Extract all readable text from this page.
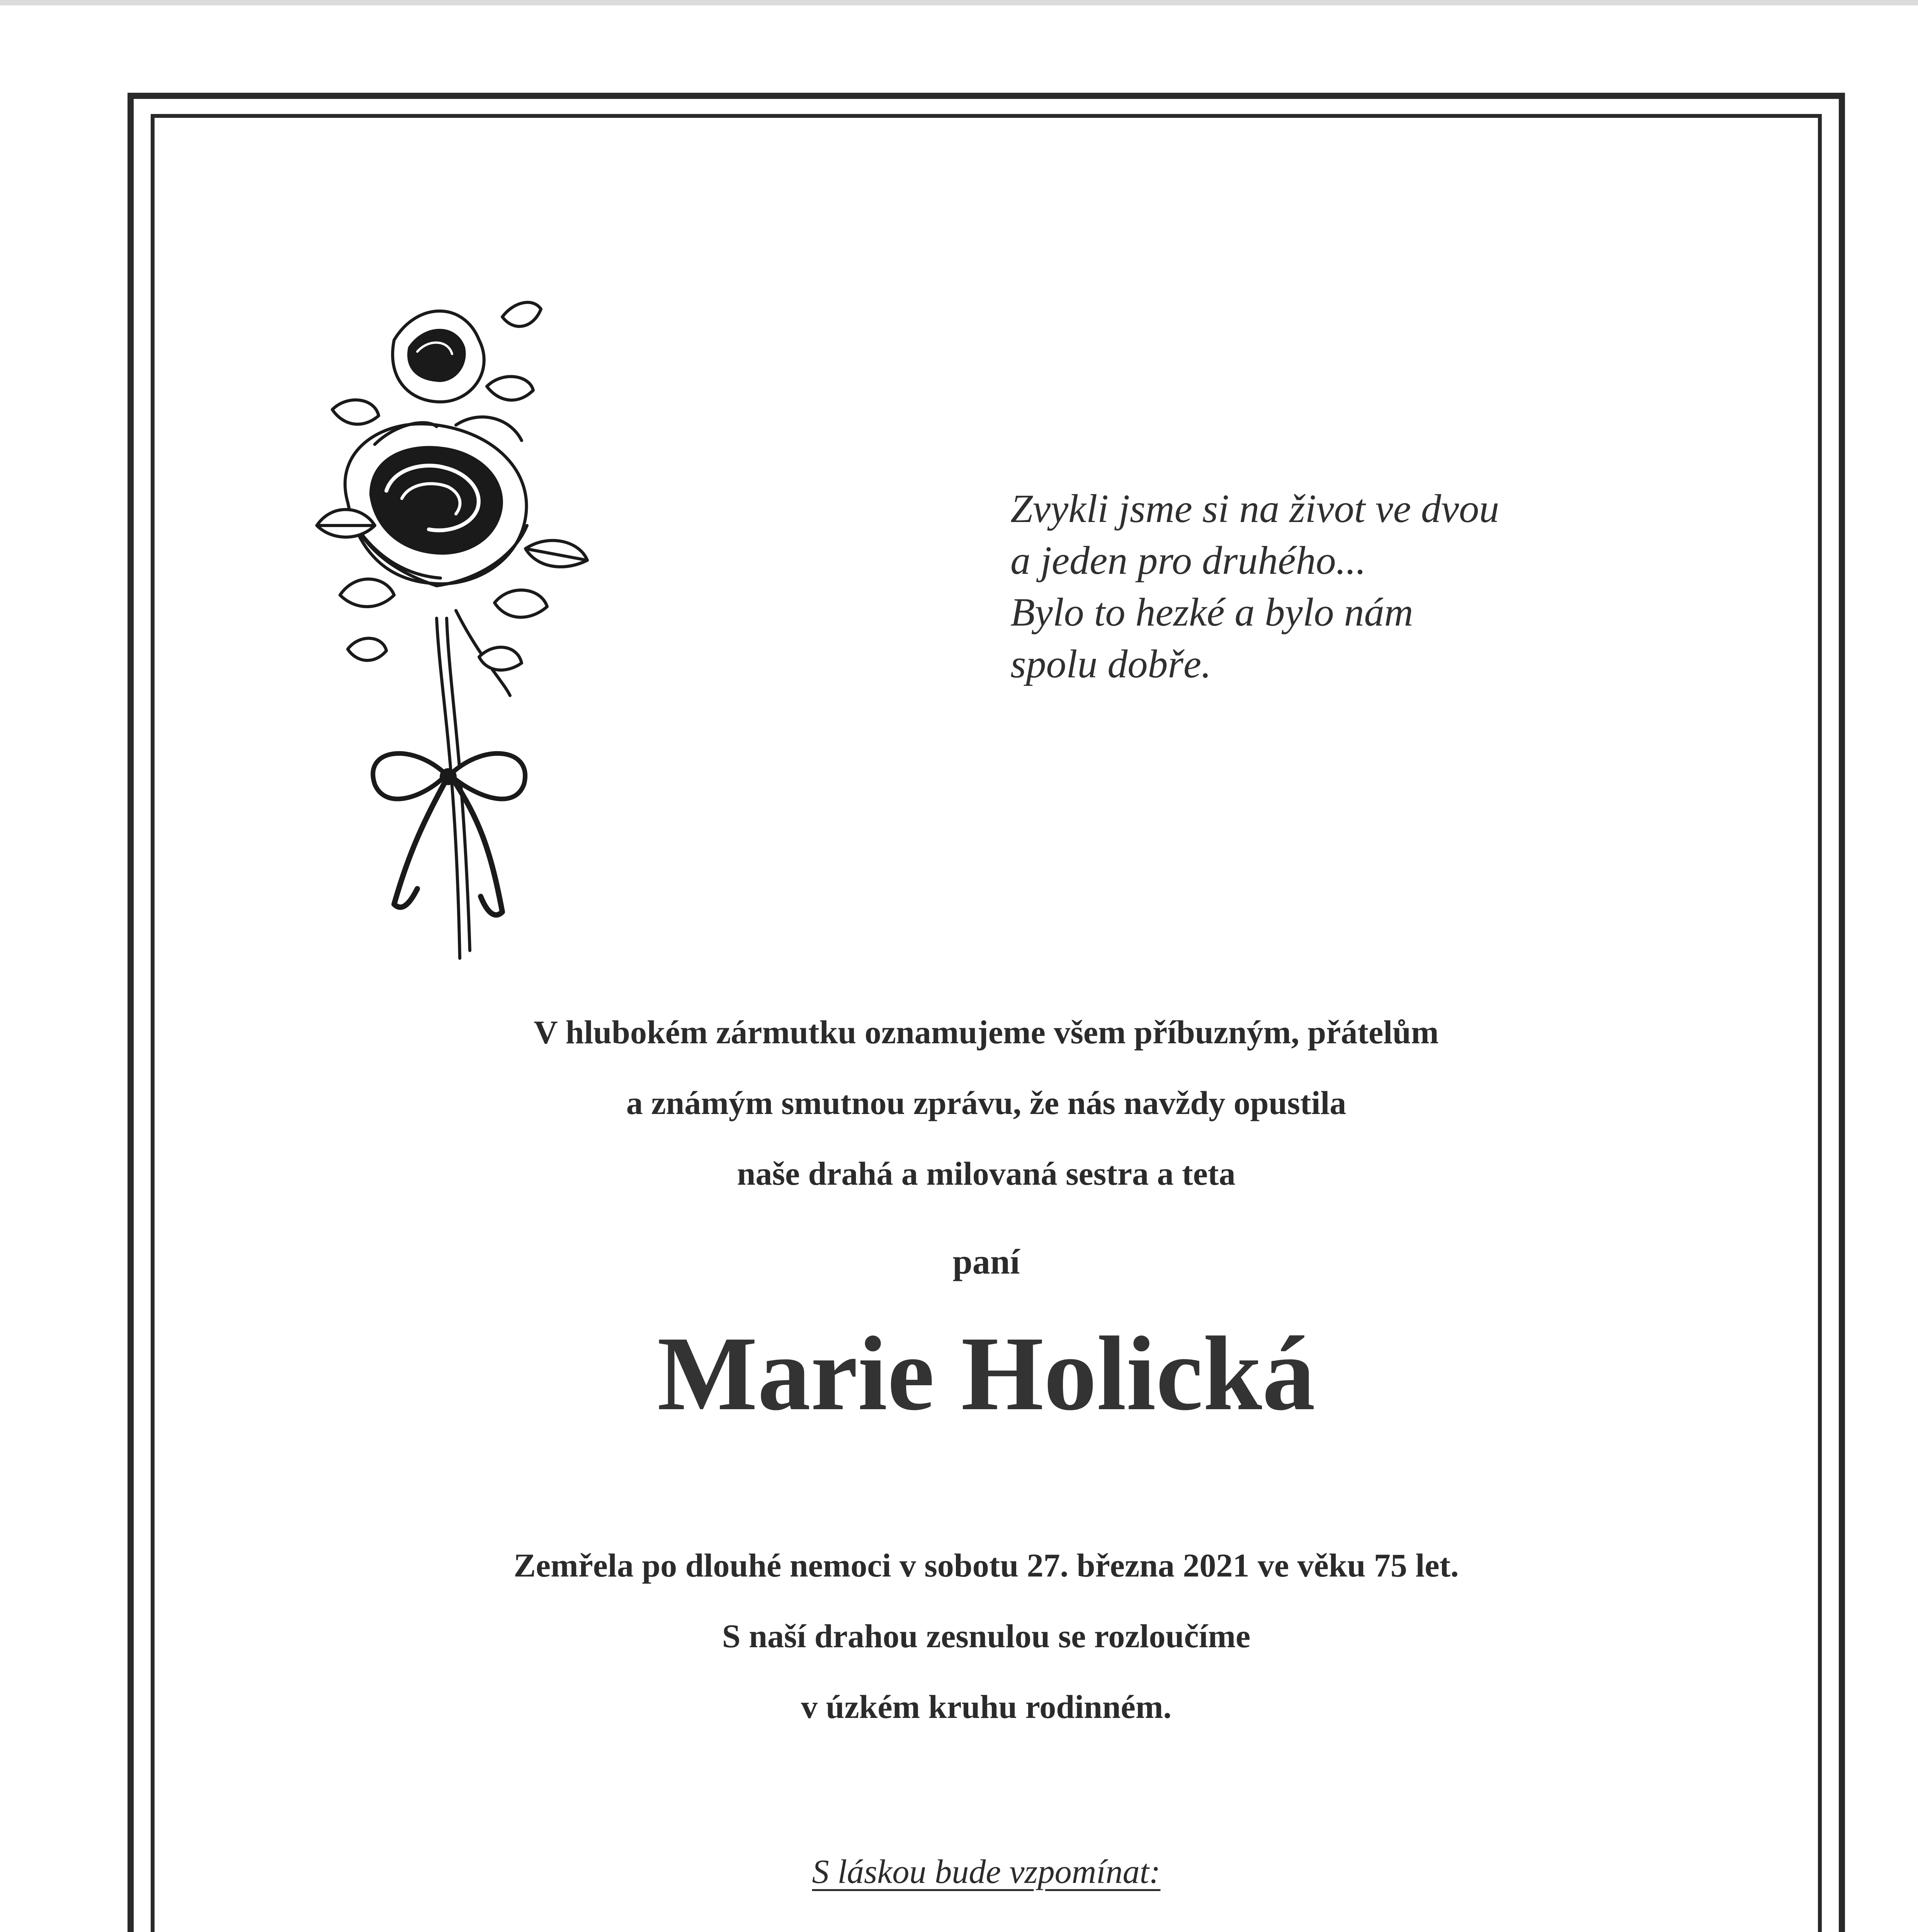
Zvykli jsme si na život ve dvou
a jeden pro druhého...
Bylo to hezké a bylo nám
spolu dobře.
V hlubokém zármutku oznamujeme všem příbuzným, přátelům
a známým smutnou zprávu, že nás navždy opustila
naše drahá a milovaná sestra a teta
paní
Marie Holická
Zemřela po dlouhé nemoci v sobotu 27. března 2021 ve věku 75 let.
S naší drahou zesnulou se rozloučíme
v úzkém kruhu rodinném.
S láskou bude vzpomínat:
